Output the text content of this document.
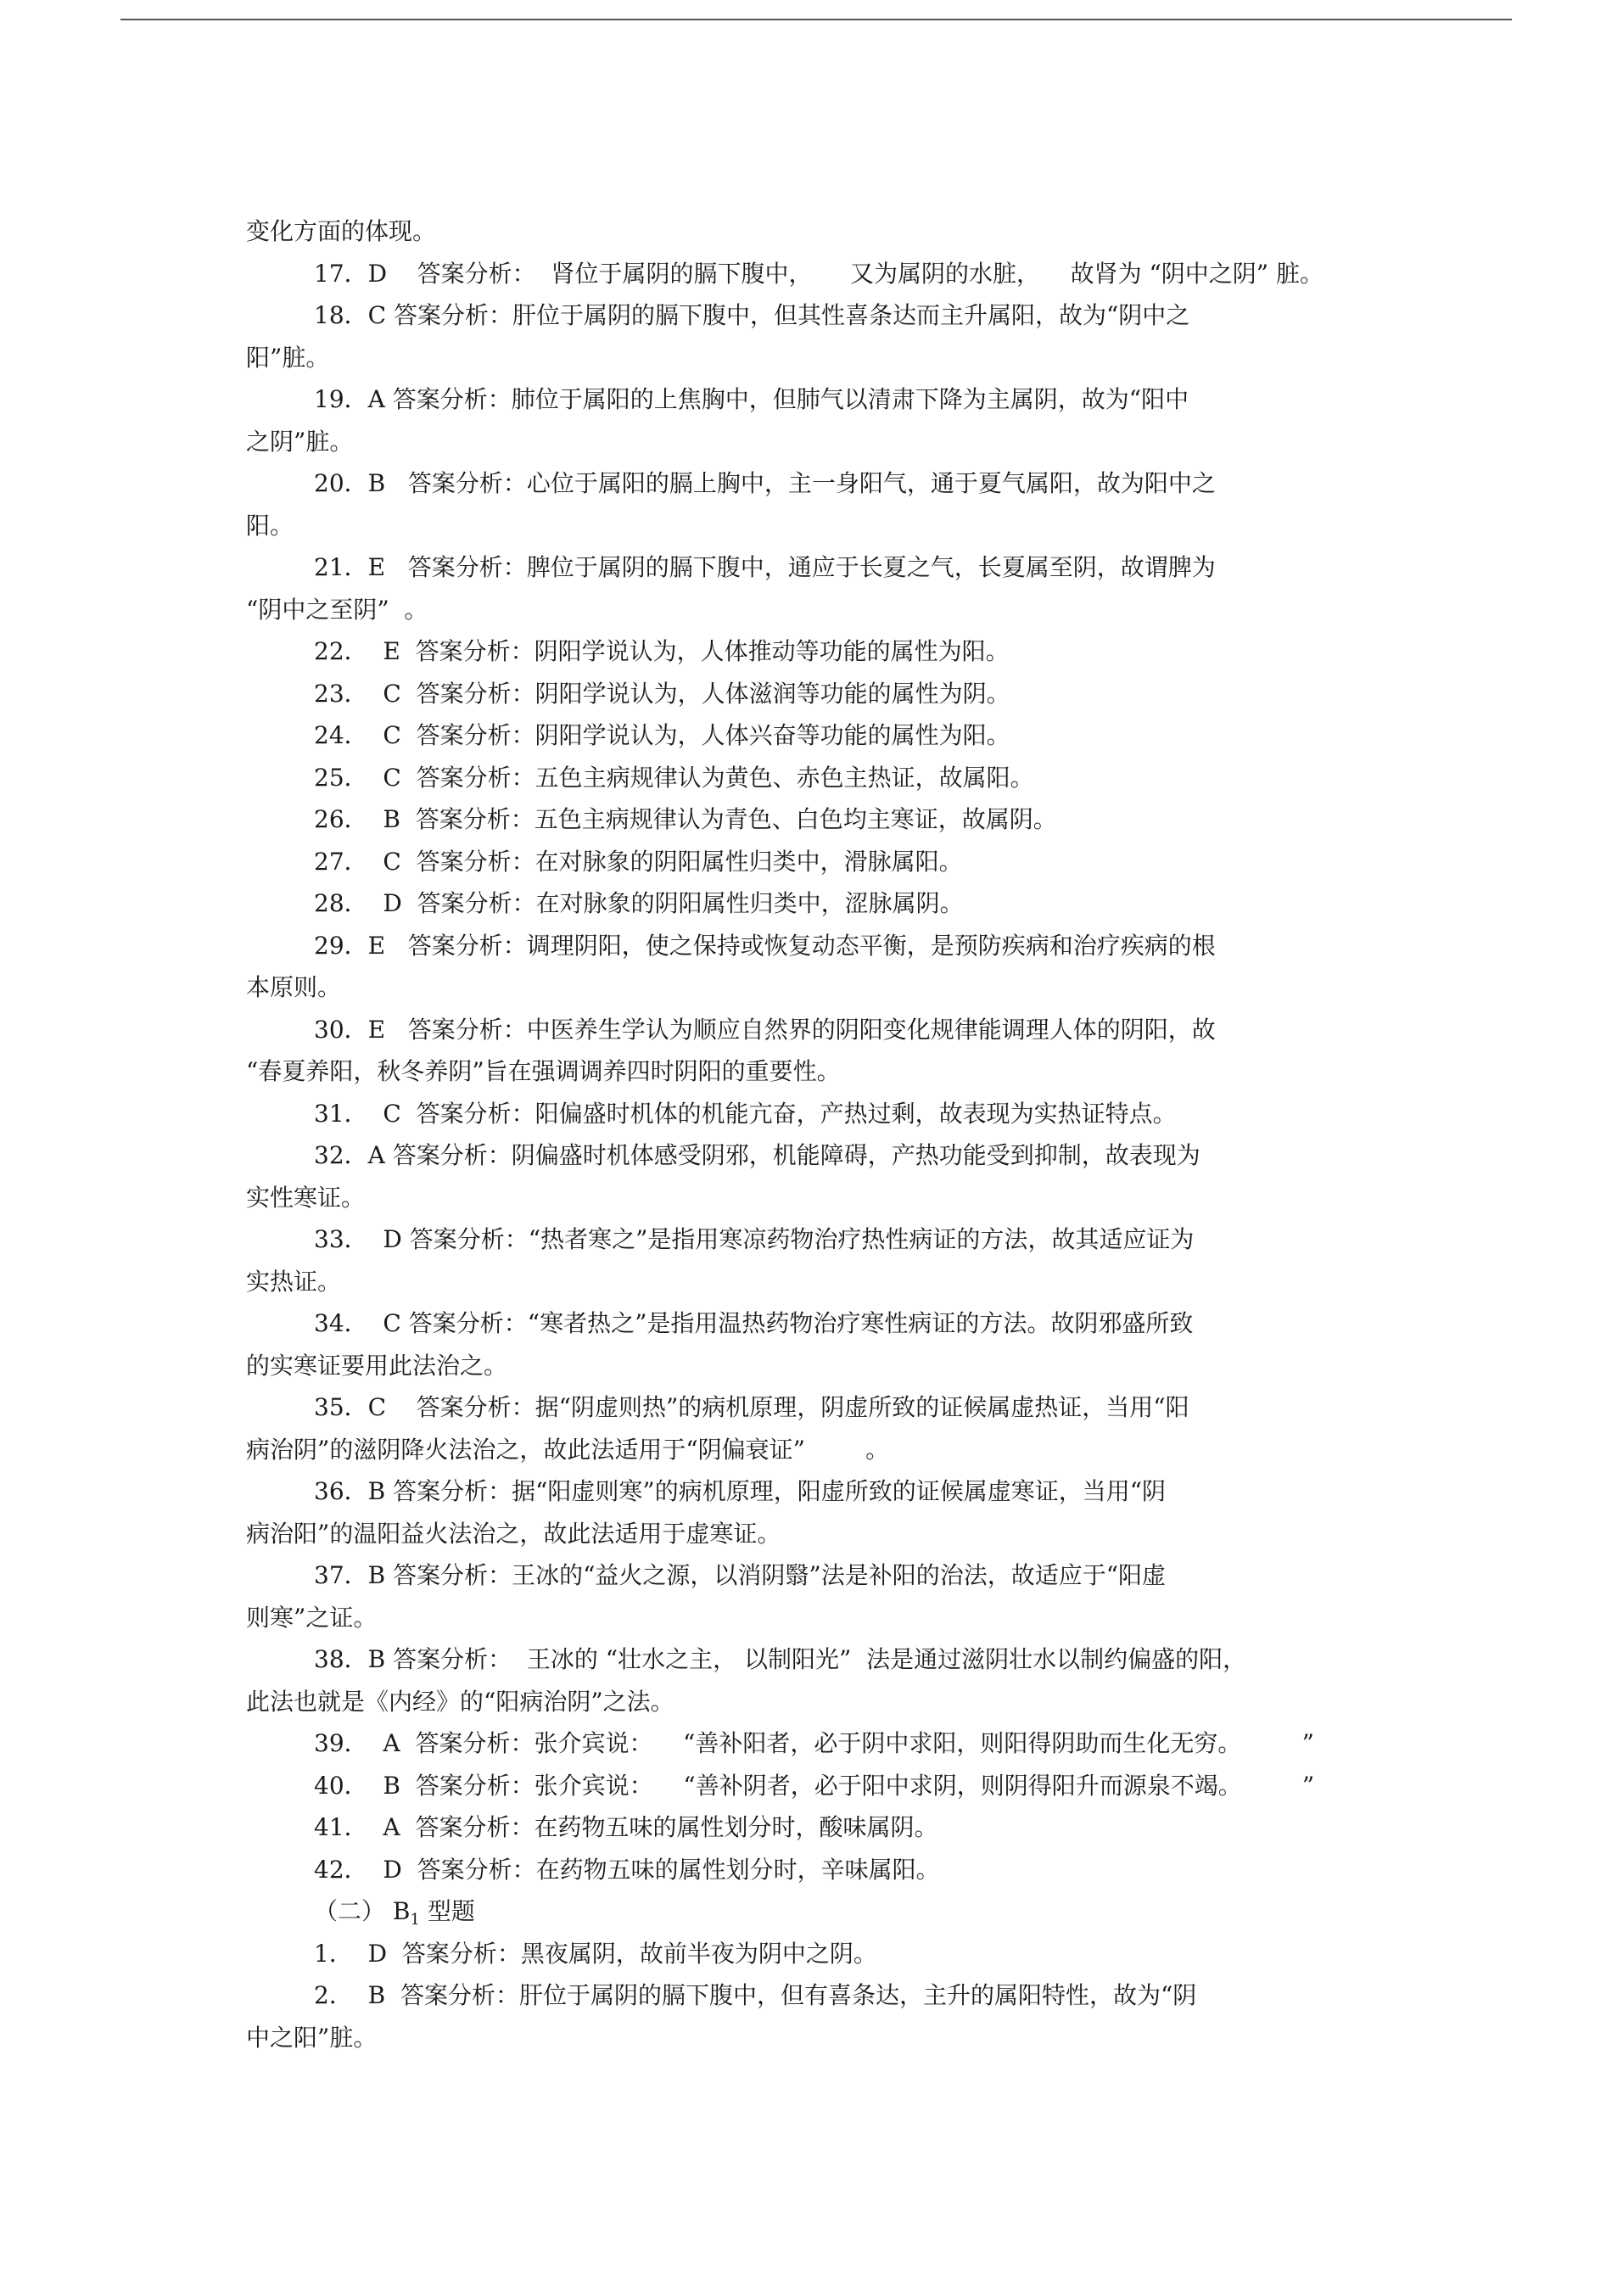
变化方面的体现。
17．D    答案分析：  肾位于属阴的膈下腹中，     又为属阴的水脏，    故肾为 “阴中之阴” 脏。
18．C 答案分析：肝位于属阴的膈下腹中，但其性喜条达而主升属阳，故为“阴中之
阳”脏。
19．A 答案分析：肺位于属阳的上焦胸中，但肺气以清肃下降为主属阴，故为“阳中
之阴”脏。
20．B   答案分析：心位于属阳的膈上胸中，主一身阳气，通于夏气属阳，故为阳中之
阳。
21．E   答案分析：脾位于属阴的膈下腹中，通应于长夏之气，长夏属至阴，故谓脾为
“阴中之至阴”  。
22．  E  答案分析：阴阳学说认为，人体推动等功能的属性为阳。
23．  C  答案分析：阴阳学说认为，人体滋润等功能的属性为阴。
24．  C  答案分析：阴阳学说认为，人体兴奋等功能的属性为阳。
25．  C  答案分析：五色主病规律认为黄色、赤色主热证，故属阳。
26．  B  答案分析：五色主病规律认为青色、白色均主寒证，故属阴。
27．  C  答案分析：在对脉象的阴阳属性归类中，滑脉属阳。
28．  D  答案分析：在对脉象的阴阳属性归类中，涩脉属阴。
29．E   答案分析：调理阴阳，使之保持或恢复动态平衡，是预防疾病和治疗疾病的根
本原则。
30．E   答案分析：中医养生学认为顺应自然界的阴阳变化规律能调理人体的阴阳，故
“春夏养阳，秋冬养阴”旨在强调调养四时阴阳的重要性。
31．  C  答案分析：阳偏盛时机体的机能亢奋，产热过剩，故表现为实热证特点。
32．A 答案分析：阴偏盛时机体感受阴邪，机能障碍，产热功能受到抑制，故表现为
实性寒证。
33．  D 答案分析：“热者寒之”是指用寒凉药物治疗热性病证的方法，故其适应证为
实热证。
34．  C 答案分析：“寒者热之”是指用温热药物治疗寒性病证的方法。故阴邪盛所致
的实寒证要用此法治之。
35．C    答案分析：据“阴虚则热”的病机原理，阴虚所致的证候属虚热证，当用“阳
病治阴”的滋阴降火法治之，故此法适用于“阴偏衰证”        。
36．B 答案分析：据“阳虚则寒”的病机原理，阳虚所致的证候属虚寒证，当用“阴
病治阳”的温阳益火法治之，故此法适用于虚寒证。
37．B 答案分析：王冰的“益火之源，以消阴翳”法是补阳的治法，故适应于“阳虚
则寒”之证。
38．B 答案分析：  王冰的 “壮水之主， 以制阳光”  法是通过滋阴壮水以制约偏盛的阳，
此法也就是《内经》的“阳病治阴”之法。
39．  A  答案分析：张介宾说：    “善补阳者，必于阴中求阳，则阳得阴助而生化无穷。        ”
40．  B  答案分析：张介宾说：    “善补阴者，必于阳中求阴，则阴得阳升而源泉不竭。        ”
41．  A  答案分析：在药物五味的属性划分时，酸味属阴。
42．  D  答案分析：在药物五味的属性划分时，辛味属阳。
（二） $B_1$ 型题
1．  D  答案分析：黑夜属阴，故前半夜为阴中之阴。
2．  B  答案分析：肝位于属阴的膈下腹中，但有喜条达，主升的属阳特性，故为“阴
中之阳”脏。
